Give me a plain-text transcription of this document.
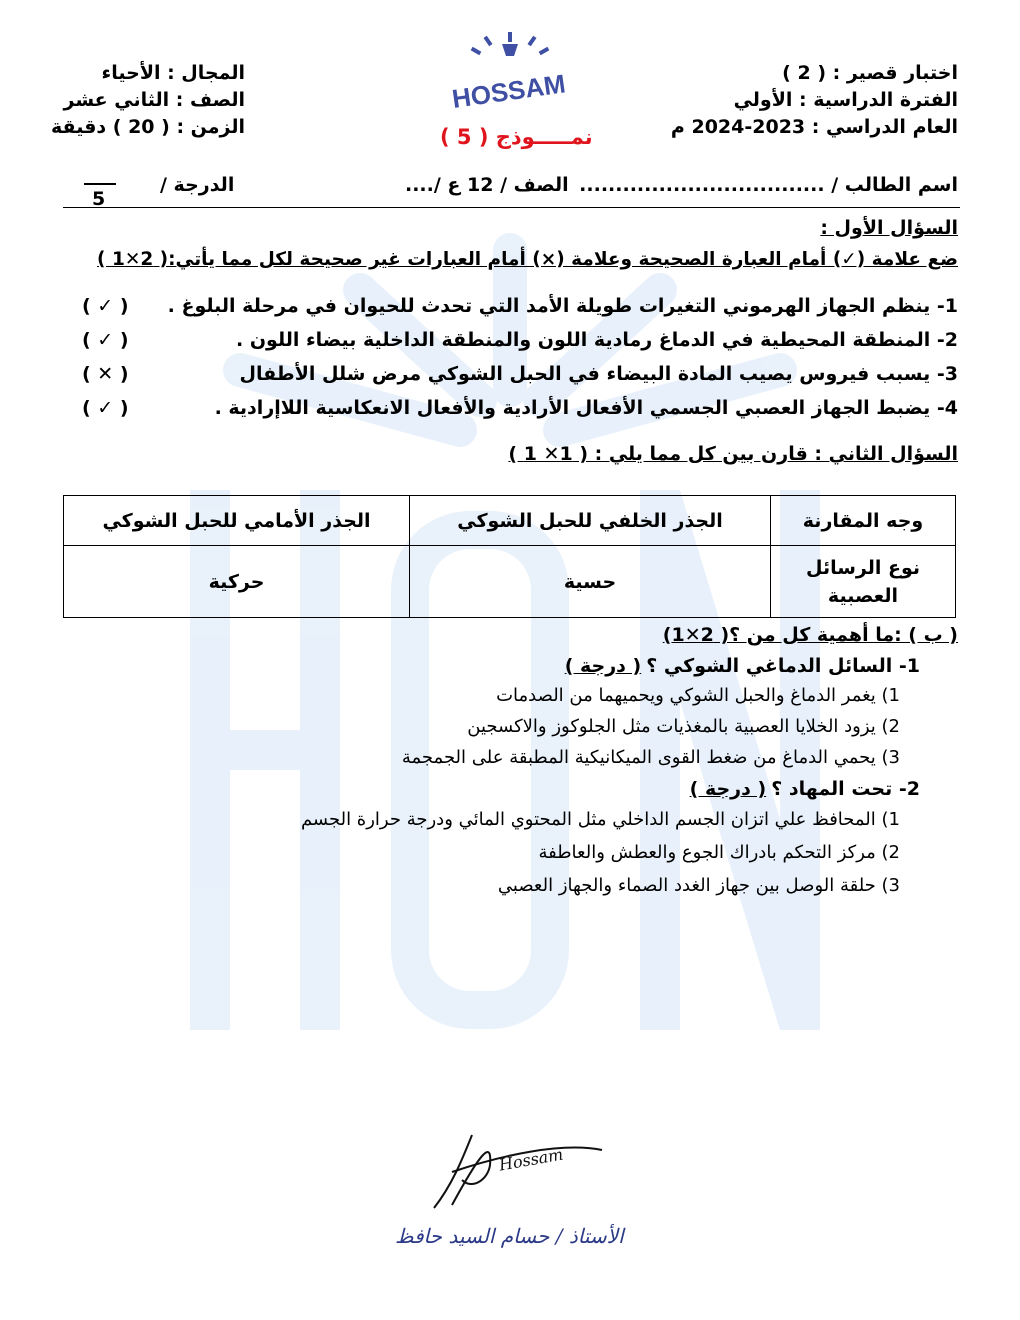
اختبار قصير : ( 2 )
الفترة الدراسية : الأولي
العام الدراسي : 2023-2024 م
المجال : الأحياء
الصف : الثاني عشر
الزمن : ( 20 ) دقيقة
HOSSAM
نمـــــوذج ( 5 )
اسم الطالب / ..................................
الصف / 12 ع /....
الدرجة /
5
السؤال الأول :
ضع علامة (✓) أمام العبارة الصحيحة وعلامة (×) أمام العبارات غير صحيحة لكل مما يأتي:( 2✕1 )
1- ينظم الجهاز الهرموني التغيرات طويلة الأمد التي تحدث للحيوان في مرحلة البلوغ .
( ✓ )
2- المنطقة المحيطية في الدماغ رمادية اللون والمنطقة الداخلية بيضاء اللون .
( ✓ )
3- يسبب فيروس يصيب المادة البيضاء في الحبل الشوكي مرض شلل الأطفال
( ✕ )
4- يضبط الجهاز العصبي الجسمي الأفعال الأرادية والأفعال الانعكاسية اللاإرادية .
( ✓ )
السؤال الثاني : قارن بين كل مما يلي : ( 1✕ 1 )
وجه المقارنة	الجذر الخلفي للحبل الشوكي	الجذر الأمامي للحبل الشوكي
نوع الرسائل العصبية	حسية	حركية
( ب ) :ما أهمية كل من ؟( 2✕1)
1- السائل الدماغي الشوكي ؟ ( درجة )
1) يغمر الدماغ والحبل الشوكي ويحميهما من الصدمات
2) يزود الخلايا العصبية بالمغذيات مثل الجلوكوز والاكسجين
3) يحمي الدماغ من ضغط القوى الميكانيكية المطبقة على الجمجمة
2- تحت المهاد ؟ ( درجة )
1) المحافظ علي اتزان الجسم الداخلي مثل المحتوي المائي ودرجة حرارة الجسم
2) مركز التحكم بادراك الجوع والعطش والعاطفة
3) حلقة الوصل بين جهاز الغدد الصماء والجهاز العصبي
Hossam
الأستاذ / حسام السيد حافظ
